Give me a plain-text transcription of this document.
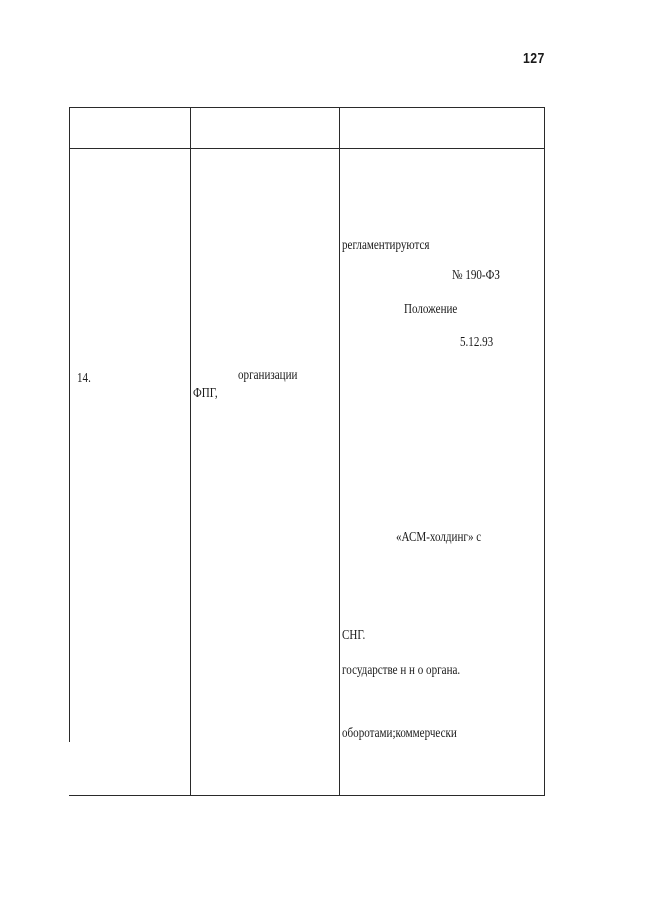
127
14.	организации
ФПГ,
регламентируются
№ 190-ФЗ
Положение
5.12.93
«АСМ-холдинг» с
СНГ.
государстве н н о органа.
оборотами;коммерчески
